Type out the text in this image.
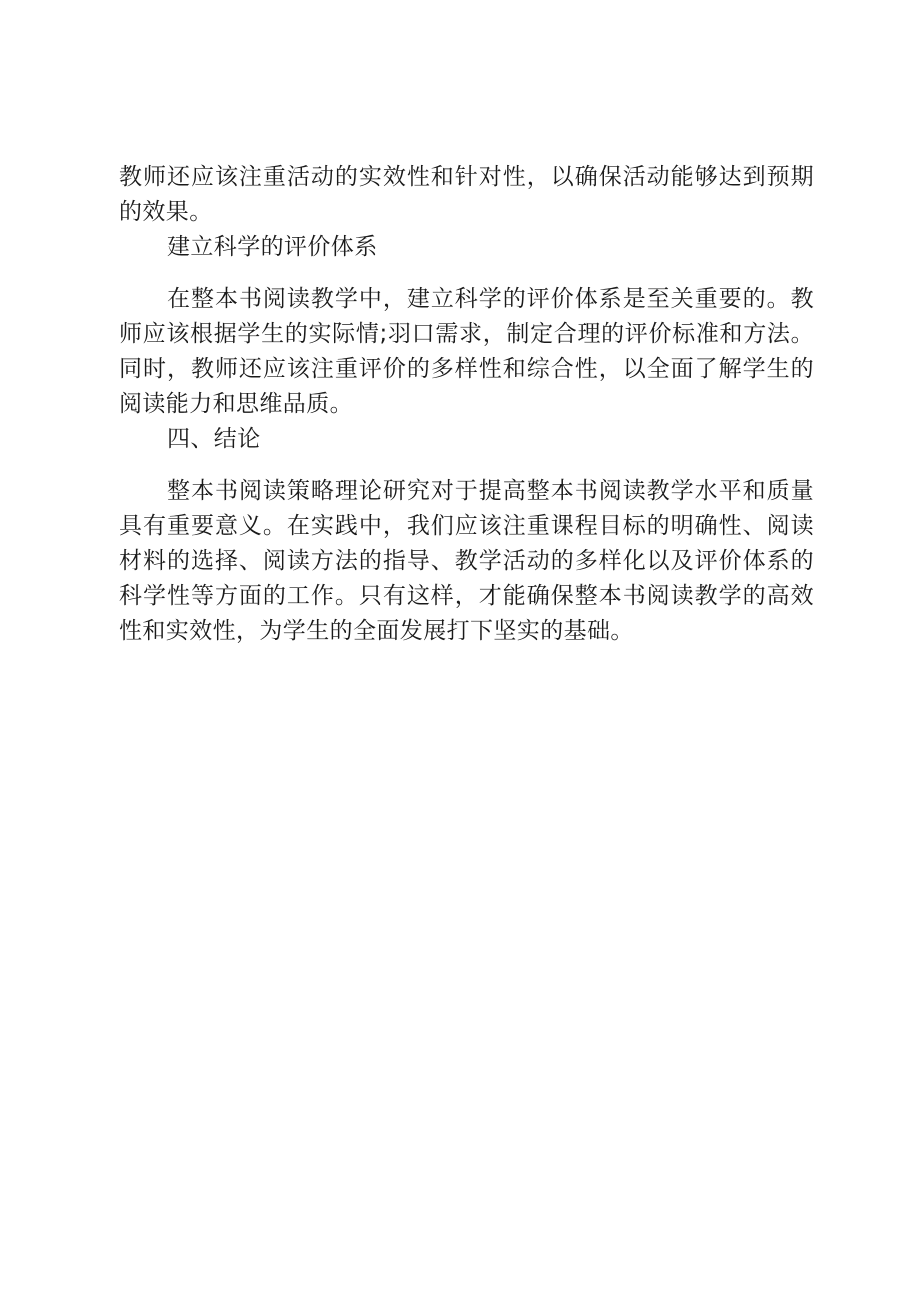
教师还应该注重活动的实效性和针对性，以确保活动能够达到预期的效果。

建立科学的评价体系

在整本书阅读教学中，建立科学的评价体系是至关重要的。教师应该根据学生的实际情;羽口需求，制定合理的评价标准和方法。同时，教师还应该注重评价的多样性和综合性，以全面了解学生的阅读能力和思维品质。

四、结论

整本书阅读策略理论研究对于提高整本书阅读教学水平和质量具有重要意义。在实践中，我们应该注重课程目标的明确性、阅读材料的选择、阅读方法的指导、教学活动的多样化以及评价体系的科学性等方面的工作。只有这样，才能确保整本书阅读教学的高效性和实效性，为学生的全面发展打下坚实的基础。
